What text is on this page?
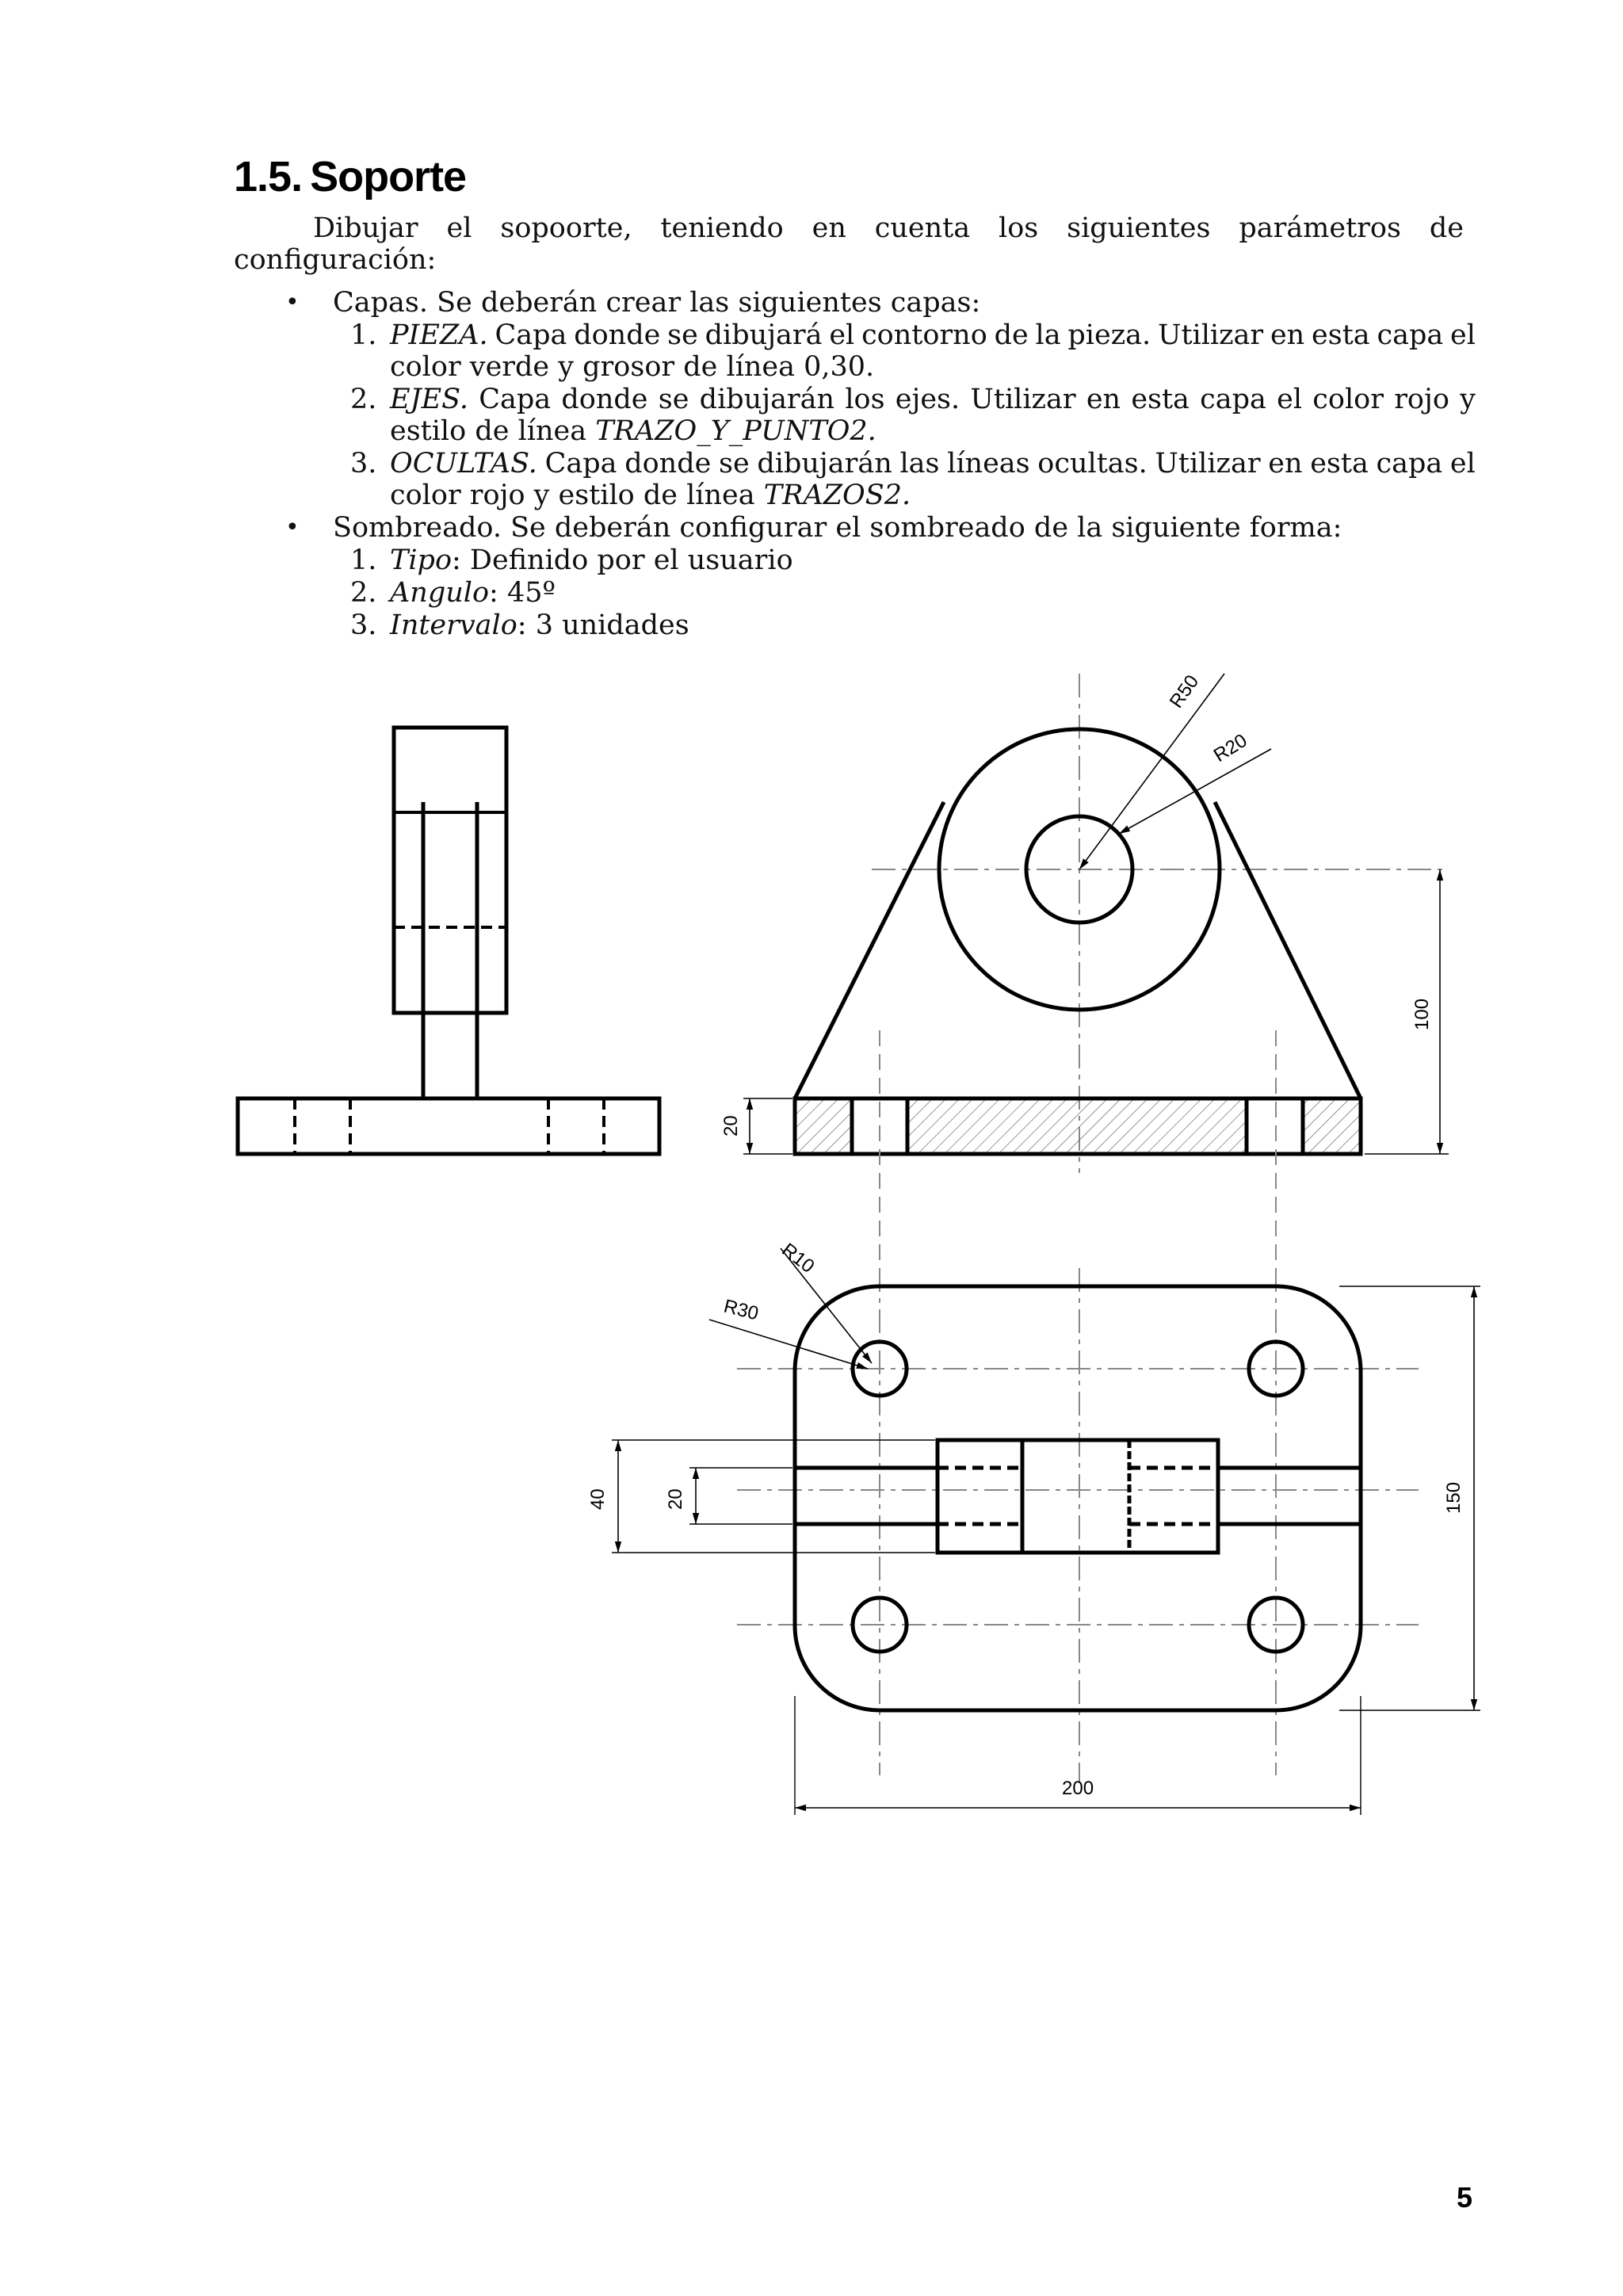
1.5. Soporte
Dibujar el sopoorte, teniendo en cuenta los siguientes parámetros de
configuración:
• Capas. Se deberán crear las siguientes capas:
1. PIEZA. Capa donde se dibujará el contorno de la pieza. Utilizar en esta capa el
color verde y grosor de línea 0,30.
2. EJES. Capa donde se dibujarán los ejes. Utilizar en esta capa el color rojo y
estilo de línea TRAZO_Y_PUNTO2.
3. OCULTAS. Capa donde se dibujarán las líneas ocultas. Utilizar en esta capa el
color rojo y estilo de línea TRAZOS2.
• Sombreado. Se deberán configurar el sombreado de la siguiente forma:
1. Tipo: Definido por el usuario
2. Angulo: 45º
3. Intervalo: 3 unidades
R50
R20
100
20
R10
R30
40	20	150
200
5
